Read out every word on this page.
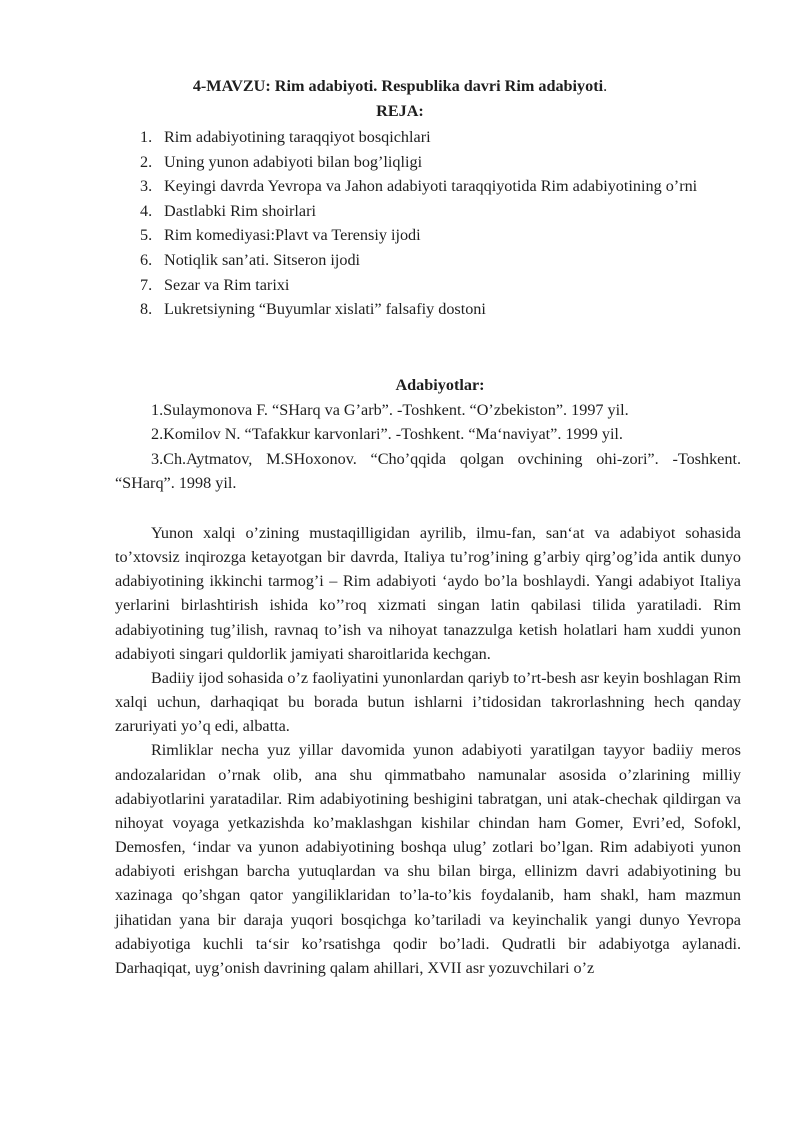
4-MAVZU: Rim adabiyoti. Respublika davri Rim adabiyoti.
REJA:
1. Rim adabiyotining taraqqiyot bosqichlari
2. Uning yunon adabiyoti bilan bog’liqligi
3. Keyingi davrda Yevropa va Jahon adabiyoti taraqqiyotida Rim adabiyotining o’rni
4. Dastlabki Rim shoirlari
5. Rim komediyasi:Plavt va Terensiy ijodi
6. Notiqlik san’ati. Sitseron ijodi
7. Sezar va Rim tarixi
8. Lukretsiyning “Buyumlar xislati” falsafiy dostoni
Adabiyotlar:

1.Sulaymonova F. “SHarq va G’arb”. -Toshkent. “O’zbekiston”. 1997 yil.

2.Komilov N. “Tafakkur karvonlari”. -Toshkent. “Ma‘naviyat”. 1999 yil.

3.Ch.Aytmatov, M.SHoxonov. “Cho’qqida qolgan ovchining ohi-zori”. -Toshkent. “SHarq”. 1998 yil.

Yunon xalqi o’zining mustaqilligidan ayrilib, ilmu-fan, san‘at va adabiyot sohasida to’xtovsiz inqirozga ketayotgan bir davrda, Italiya tu’rog’ining g’arbiy qirg’og’ida antik dunyo adabiyotining ikkinchi tarmog’i – Rim adabiyoti ‘aydo bo’la boshlaydi. Yangi adabiyot Italiya yerlarini birlashtirish ishida ko’’roq xizmati singan latin qabilasi tilida yaratiladi. Rim adabiyotining tug’ilish, ravnaq to’ish va nihoyat tanazzulga ketish holatlari ham xuddi yunon adabiyoti singari quldorlik jamiyati sharoitlarida kechgan.

Badiiy ijod sohasida o’z faoliyatini yunonlardan qariyb to’rt-besh asr keyin boshlagan Rim xalqi uchun, darhaqiqat bu borada butun ishlarni i’tidosidan takrorlashning hech qanday zaruriyati yo’q edi, albatta.

Rimliklar necha yuz yillar davomida yunon adabiyoti yaratilgan tayyor badiiy meros andozalaridan o’rnak olib, ana shu qimmatbaho namunalar asosida o’zlarining milliy adabiyotlarini yaratadilar. Rim adabiyotining beshigini tabratgan, uni atak-chechak qildirgan va nihoyat voyaga yetkazishda ko’maklashgan kishilar chindan ham Gomer, Evri’ed, Sofokl, Demosfen, ‘indar va yunon adabiyotining boshqa ulug’ zotlari bo’lgan. Rim adabiyoti yunon adabiyoti erishgan barcha yutuqlardan va shu bilan birga, ellinizm davri adabiyotining bu xazinaga qo’shgan qator yangiliklaridan to’la-to’kis foydalanib, ham shakl, ham mazmun jihatidan yana bir daraja yuqori bosqichga ko’tariladi va keyinchalik yangi dunyo Yevropa adabiyotiga kuchli ta‘sir ko’rsatishga qodir bo’ladi. Qudratli bir adabiyotga aylanadi. Darhaqiqat, uyg’onish davrining qalam ahillari, XVII asr yozuvchilari o’z
